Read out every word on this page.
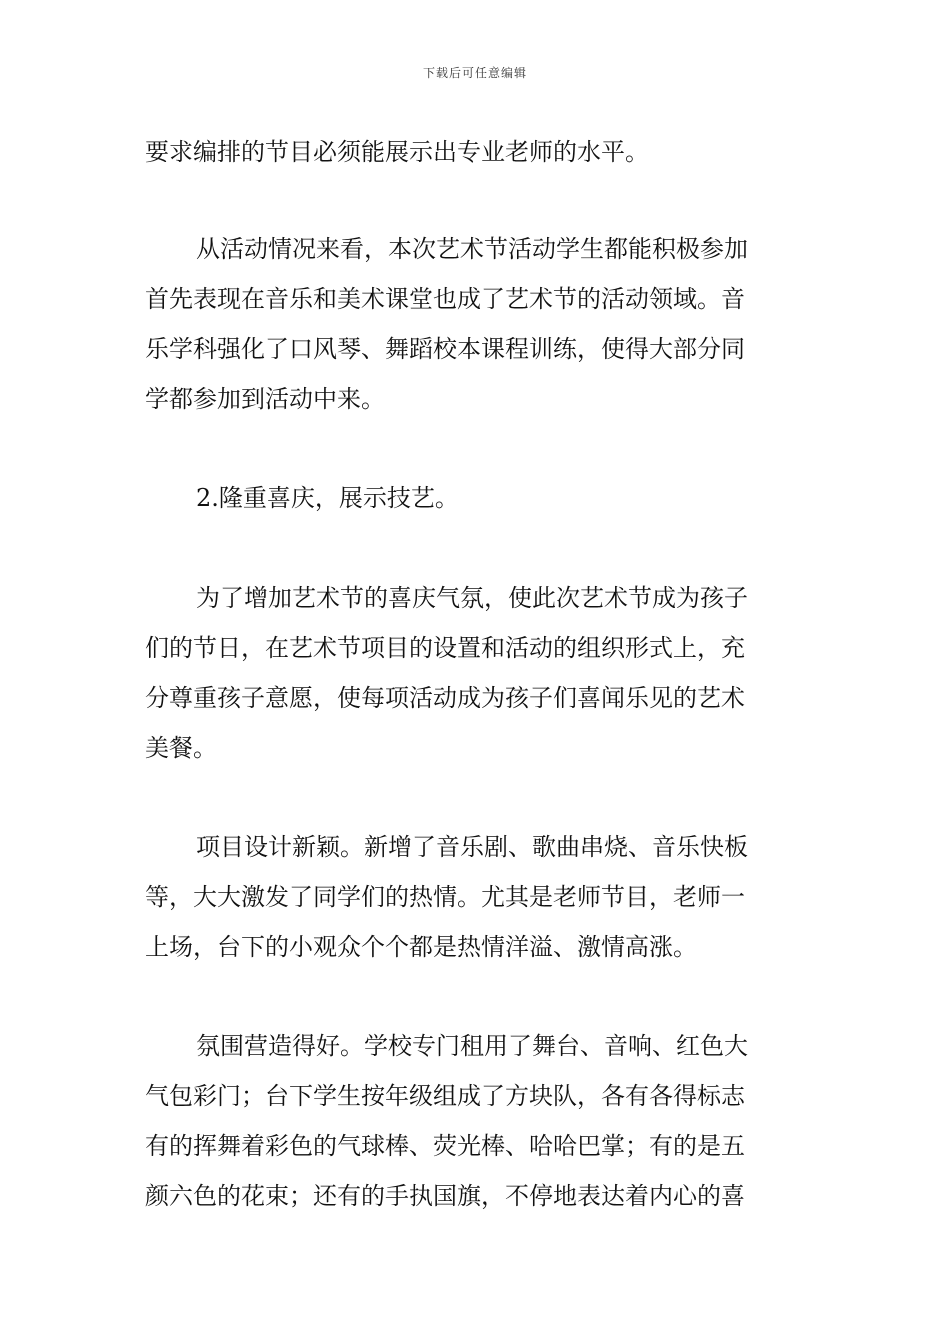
下载后可任意编辑
要求编排的节目必须能展示出专业老师的水平。
从活动情况来看，本次艺术节活动学生都能积极参加
首先表现在音乐和美术课堂也成了艺术节的活动领域。音
乐学科强化了口风琴、舞蹈校本课程训练，使得大部分同
学都参加到活动中来。
2.隆重喜庆，展示技艺。
为了增加艺术节的喜庆气氛，使此次艺术节成为孩子
们的节日，在艺术节项目的设置和活动的组织形式上，充
分尊重孩子意愿，使每项活动成为孩子们喜闻乐见的艺术
美餐。
项目设计新颖。新增了音乐剧、歌曲串烧、音乐快板
等，大大激发了同学们的热情。尤其是老师节目，老师一
上场，台下的小观众个个都是热情洋溢、激情高涨。
氛围营造得好。学校专门租用了舞台、音响、红色大
气包彩门；台下学生按年级组成了方块队，各有各得标志
有的挥舞着彩色的气球棒、荧光棒、哈哈巴掌；有的是五
颜六色的花束；还有的手执国旗，不停地表达着内心的喜
